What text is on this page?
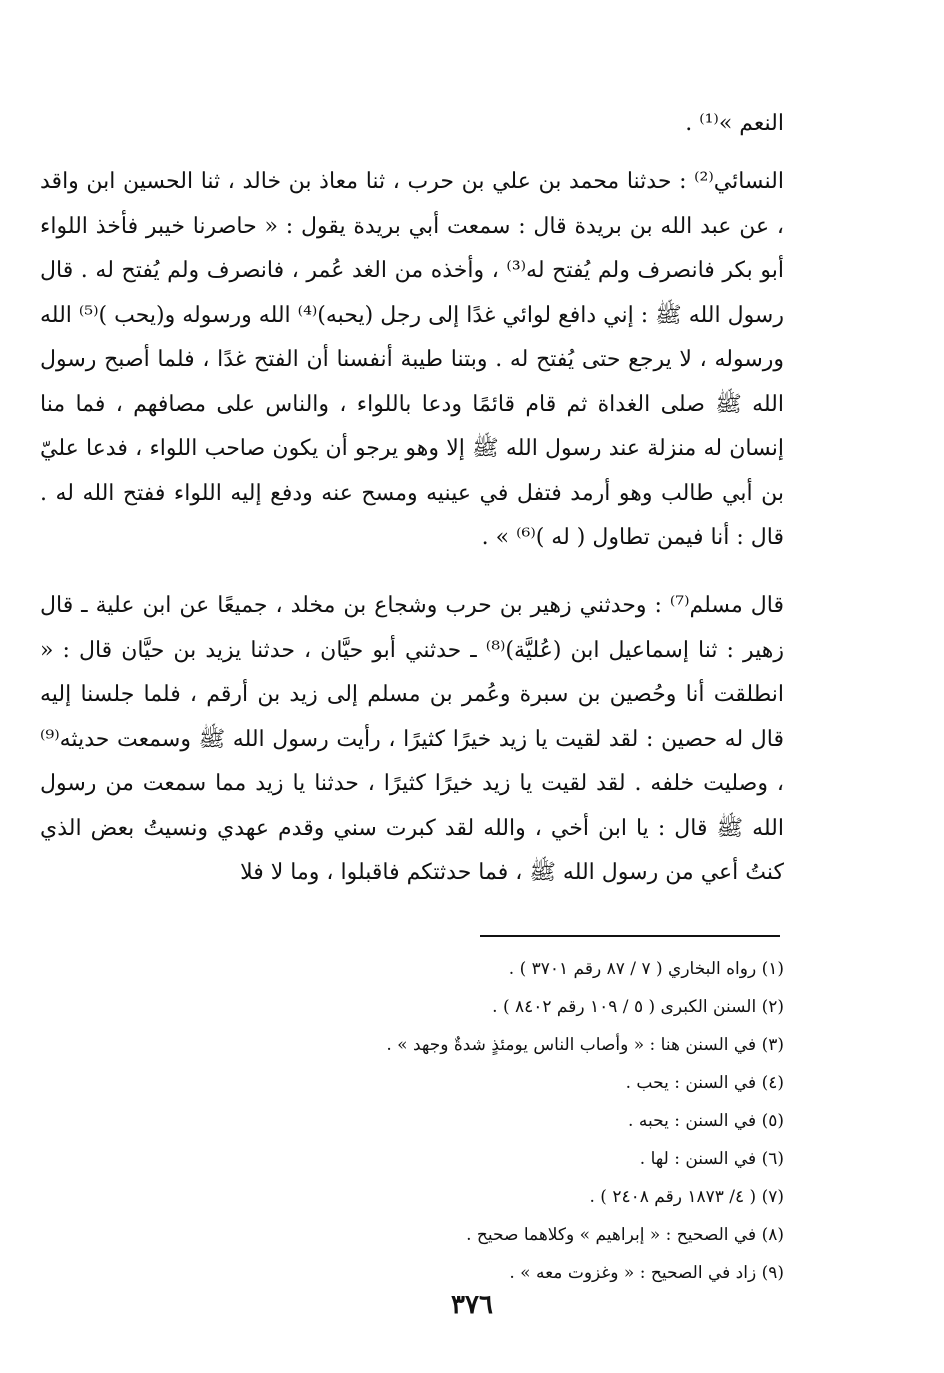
النعم »⁽¹⁾ .

النسائي⁽²⁾ : حدثنا محمد بن علي بن حرب ، ثنا معاذ بن خالد ، ثنا الحسين ابن واقد ، عن عبد الله بن بريدة قال : سمعت أبي بريدة يقول : « حاصرنا خيبر فأخذ اللواء أبو بكر فانصرف ولم يُفتح له⁽³⁾ ، وأخذه من الغد عُمر ، فانصرف ولم يُفتح له . قال رسول الله ﷺ : إني دافع لوائي غدًا إلى رجل (يحبه)⁽⁴⁾ الله ورسوله و(يحب )⁽⁵⁾ الله ورسوله ، لا يرجع حتى يُفتح له . وبتنا طيبة أنفسنا أن الفتح غدًا ، فلما أصبح رسول الله ﷺ صلى الغداة ثم قام قائمًا ودعا باللواء ، والناس على مصافهم ، فما منا إنسان له منزلة عند رسول الله ﷺ إلا وهو يرجو أن يكون صاحب اللواء ، فدعا عليّ بن أبي طالب وهو أرمد فتفل في عينيه ومسح عنه ودفع إليه اللواء ففتح الله له . قال : أنا فيمن تطاول ( له )⁽⁶⁾ » .

قال مسلم⁽⁷⁾ : وحدثني زهير بن حرب وشجاع بن مخلد ، جميعًا عن ابن علية ـ قال زهير : ثنا إسماعيل ابن (عُليَّة)⁽⁸⁾ ـ حدثني أبو حيَّان ، حدثنا يزيد بن حيَّان قال : « انطلقت أنا وحُصين بن سبرة وعُمر بن مسلم إلى زيد بن أرقم ، فلما جلسنا إليه قال له حصين : لقد لقيت يا زيد خيرًا كثيرًا ، رأيت رسول الله ﷺ وسمعت حديثه⁽⁹⁾ ، وصليت خلفه . لقد لقيت يا زيد خيرًا كثيرًا ، حدثنا يا زيد مما سمعت من رسول الله ﷺ قال : يا ابن أخي ، والله لقد كبرت سني وقدم عهدي ونسيتُ بعض الذي كنتُ أعي من رسول الله ﷺ ، فما حدثتكم فاقبلوا ، وما لا فلا

(١) رواه البخاري ( ٧ / ٨٧ رقم ٣٧٠١ ) .
(٢) السنن الكبرى ( ٥ / ١٠٩ رقم ٨٤٠٢ ) .
(٣) في السنن هنا : « وأصاب الناس يومئذٍ شدةٌ وجهد » .
(٤) في السنن : يحب .
(٥) في السنن : يحبه .
(٦) في السنن : لها .
(٧) ( ٤/ ١٨٧٣ رقم ٢٤٠٨ ) .
(٨) في الصحيح : « إبراهيم » وكلاهما صحيح .
(٩) زاد في الصحيح : « وغزوت معه » .
٣٧٦
